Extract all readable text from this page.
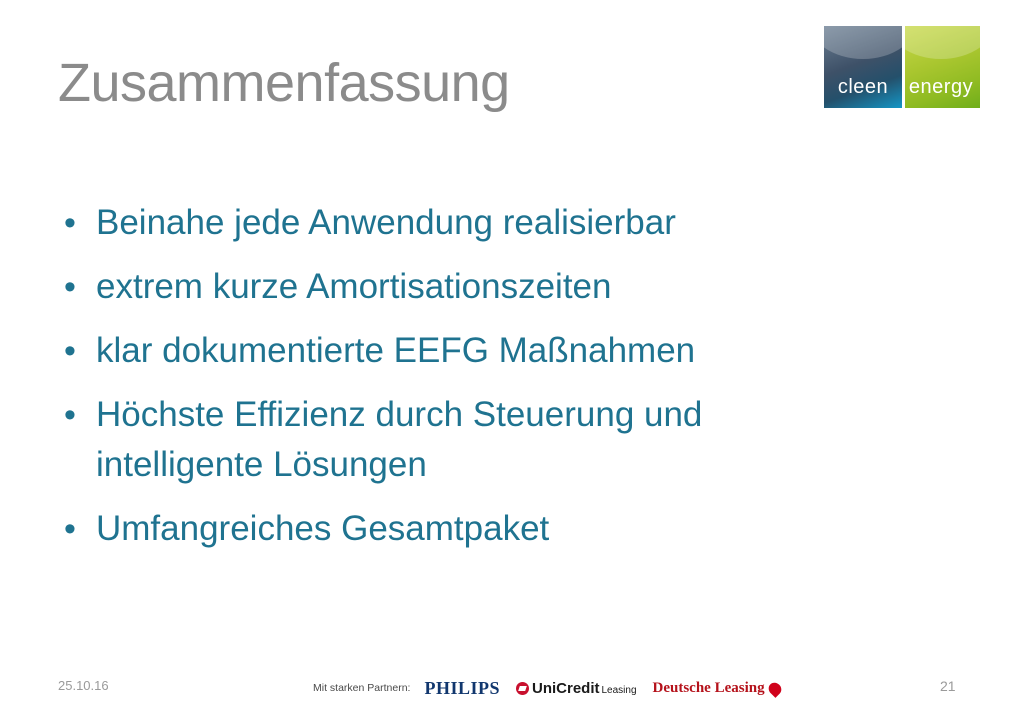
cleen	energy
Zusammenfassung
• Beinahe jede Anwendung realisierbar
• extrem kurze Amortisationszeiten
• klar dokumentierte EEFG Maßnahmen
• Höchste Effizienz durch Steuerung und intelligente Lösungen
• Umfangreiches Gesamtpaket
25.10.16	Mit starken Partnern: PHILIPS UniCredit Leasing Deutsche Leasing	21
